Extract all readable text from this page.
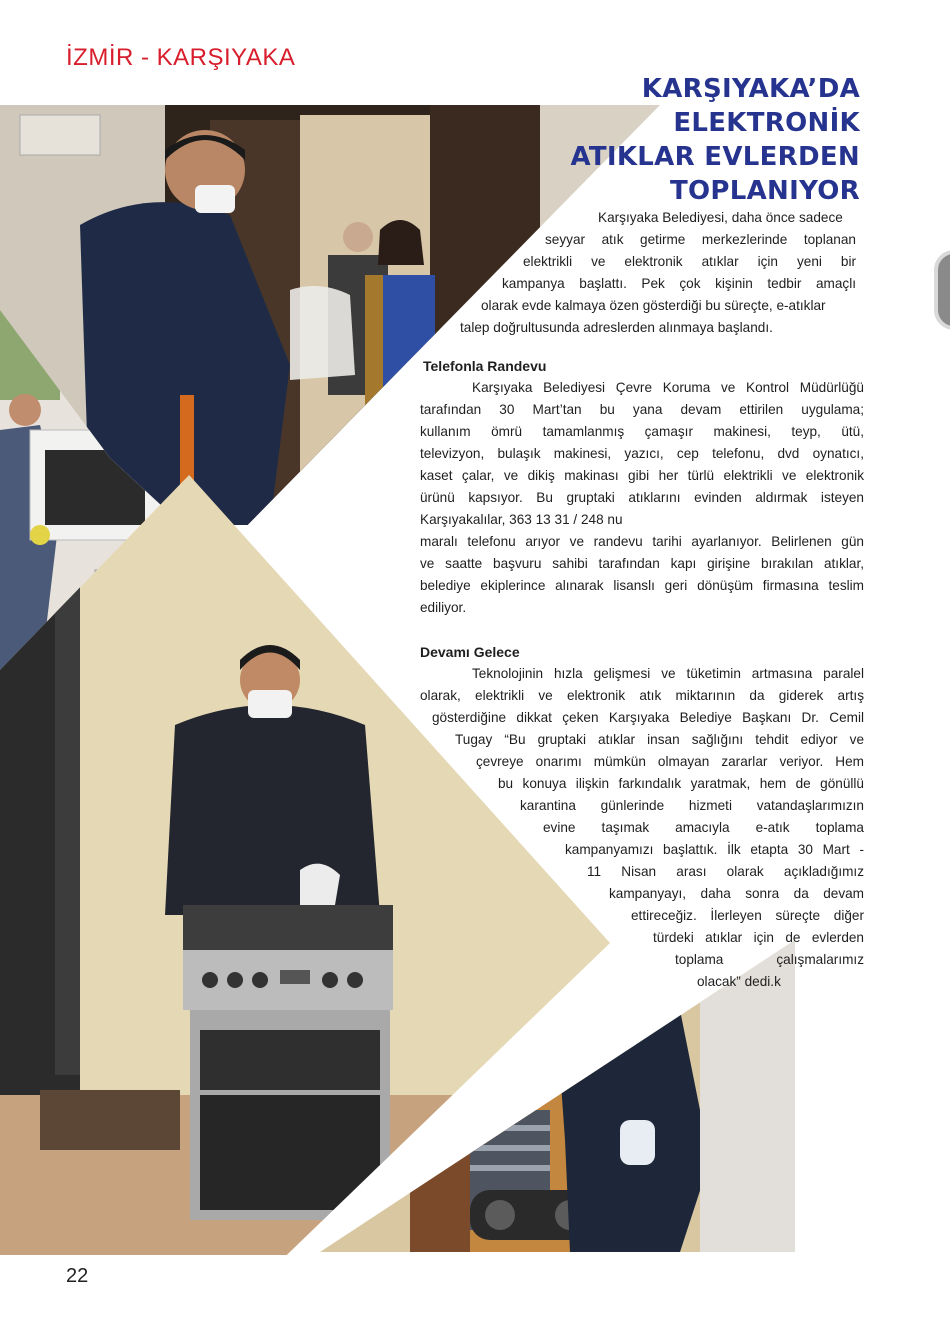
İZMİR - KARŞIYAKA
KARŞIYAKA’DA
ELEKTRONİK
ATIKLAR EVLERDEN
TOPLANIYOR
Karşıyaka Belediyesi, daha önce sadece
seyyar atık getirme merkezlerinde toplanan
elektrikli ve elektronik atıklar için yeni bir
kampanya başlattı. Pek çok kişinin tedbir amaçlı
olarak evde kalmaya özen gösterdiği bu süreçte, e-atıklar
talep doğrultusunda adreslerden alınmaya başlandı.
Telefonla Randevu
Karşıyaka Belediyesi Çevre Koruma ve Kontrol Müdürlüğü
tarafından 30 Mart’tan bu yana devam ettirilen uygulama;
kullanım ömrü tamamlanmış çamaşır makinesi, teyp, ütü,
televizyon, bulaşık makinesi, yazıcı, cep telefonu, dvd oynatıcı,
kaset çalar, ve dikiş makinası gibi her türlü elektrikli ve elektronik
ürünü kapsıyor. Bu gruptaki atıklarını evinden aldırmak isteyen
Karşıyakalılar, 363 13 31 / 248 nu
maralı telefonu arıyor ve randevu tarihi ayarlanıyor. Belirlenen gün
ve saatte başvuru sahibi tarafından kapı girişine bırakılan atıklar,
belediye ekiplerince alınarak lisanslı geri dönüşüm firmasına teslim
ediliyor.
Devamı Gelece
Teknolojinin hızla gelişmesi ve tüketimin artmasına paralel
olarak, elektrikli ve elektronik atık miktarının da giderek artış
gösterdiğine dikkat çeken Karşıyaka Belediye Başkanı Dr. Cemil
Tugay “Bu gruptaki atıklar insan sağlığını tehdit ediyor ve
çevreye onarımı mümkün olmayan zararlar veriyor. Hem
bu konuya ilişkin farkındalık yaratmak, hem de gönüllü
karantina günlerinde hizmeti vatandaşlarımızın
evine taşımak amacıyla e-atık toplama
kampanyamızı başlattık. İlk etapta 30 Mart -
11 Nisan arası olarak açıkladığımız
kampanyayı, daha sonra da devam
ettireceğiz. İlerleyen süreçte diğer
türdeki atıklar için de evlerden
toplama çalışmalarımız
olacak” dedi.k
22
